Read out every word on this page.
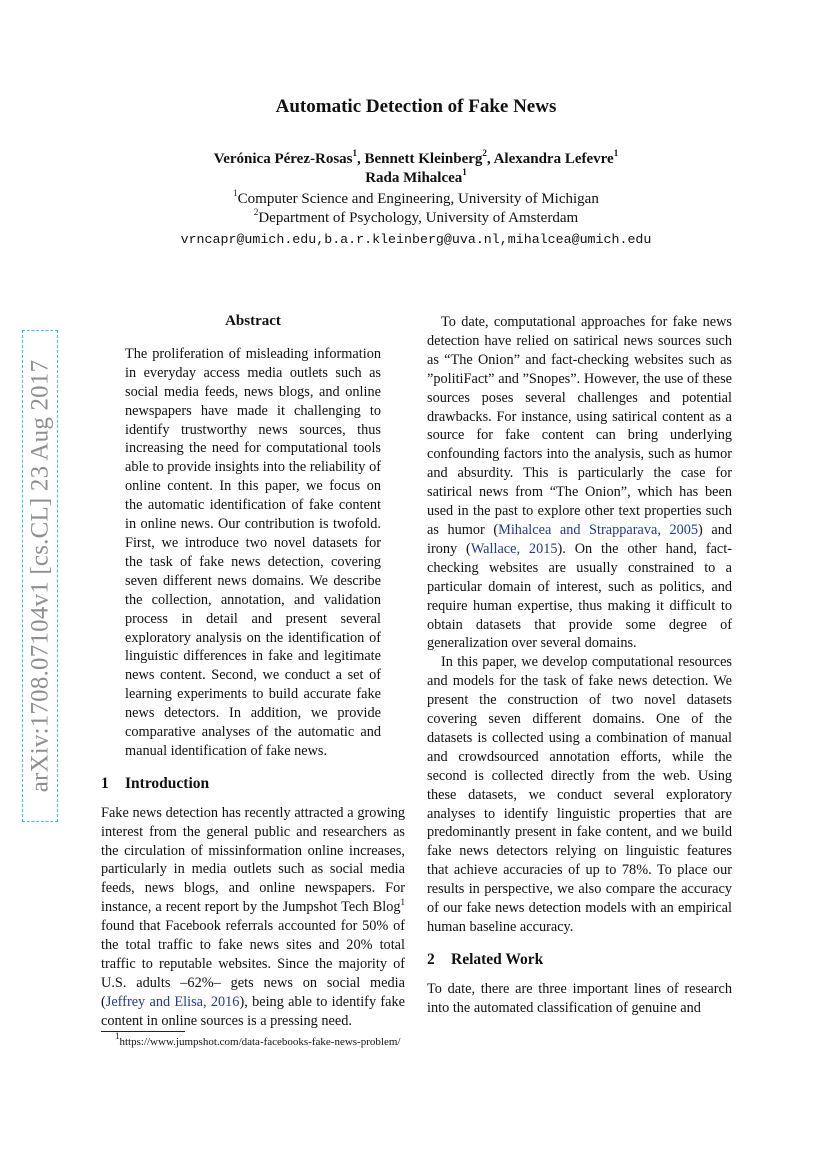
arXiv:1708.07104v1 [cs.CL] 23 Aug 2017
Automatic Detection of Fake News
Verónica Pérez-Rosas$^1$, Bennett Kleinberg$^2$, Alexandra Lefevre$^1$
Rada Mihalcea$^1$
$^1$Computer Science and Engineering, University of Michigan
$^2$Department of Psychology, University of Amsterdam
vrncapr@umich.edu,b.a.r.kleinberg@uva.nl,mihalcea@umich.edu
Abstract

The proliferation of misleading information in everyday access media outlets such as social media feeds, news blogs, and online newspapers have made it challenging to identify trustworthy news sources, thus increasing the need for computational tools able to provide insights into the reliability of online content. In this paper, we focus on the automatic identification of fake content in online news. Our contribution is twofold. First, we introduce two novel datasets for the task of fake news detection, covering seven different news domains. We describe the collection, annotation, and validation process in detail and present several exploratory analysis on the identification of linguistic differences in fake and legitimate news content. Second, we conduct a set of learning experiments to build accurate fake news detectors. In addition, we provide comparative analyses of the automatic and manual identification of fake news.

1 Introduction

Fake news detection has recently attracted a growing interest from the general public and researchers as the circulation of missinformation online increases, particularly in media outlets such as social media feeds, news blogs, and online newspapers. For instance, a recent report by the Jumpshot Tech Blog$^1$ found that Facebook referrals accounted for 50% of the total traffic to fake news sites and 20% total traffic to reputable websites. Since the majority of U.S. adults –62%– gets news on social media (Jeffrey and Elisa, 2016), being able to identify fake content in online sources is a pressing need.

To date, computational approaches for fake news detection have relied on satirical news sources such as “The Onion” and fact-checking websites such as ”politiFact” and ”Snopes”. However, the use of these sources poses several challenges and potential drawbacks. For instance, using satirical content as a source for fake content can bring underlying confounding factors into the analysis, such as humor and absurdity. This is particularly the case for satirical news from “The Onion”, which has been used in the past to explore other text properties such as humor (Mihalcea and Strapparava, 2005) and irony (Wallace, 2015). On the other hand, fact-checking websites are usually constrained to a particular domain of interest, such as politics, and require human expertise, thus making it difficult to obtain datasets that provide some degree of generalization over several domains.

In this paper, we develop computational resources and models for the task of fake news detection. We present the construction of two novel datasets covering seven different domains. One of the datasets is collected using a combination of manual and crowdsourced annotation efforts, while the second is collected directly from the web. Using these datasets, we conduct several exploratory analyses to identify linguistic properties that are predominantly present in fake content, and we build fake news detectors relying on linguistic features that achieve accuracies of up to 78%. To place our results in perspective, we also compare the accuracy of our fake news detection models with an empirical human baseline accuracy.

2 Related Work

To date, there are three important lines of research into the automated classification of genuine and

$^1$https://www.jumpshot.com/data-facebooks-fake-news-problem/
